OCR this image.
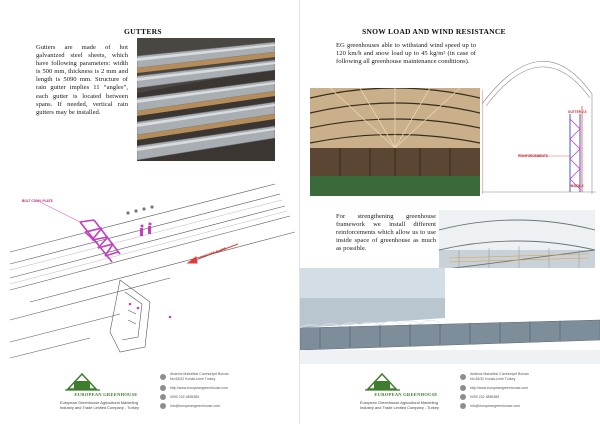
GUTTERS
Gutters are made of hot galvanized steel sheets, which have following parameters: width is 500 mm, thickness is 2 mm and length is 5090 mm. Structure of rain gutter implies 11 “angles”, each gutter is located between spans. If needed, vertical rain gutters may be installed.
BOLT CONN. PLATE
3 DEGREE SLOPE
EUROPEAN GREENHOUSE
European Greenhouse Agricultural Marketing
Industry and Trade Limited Company - Turkey
Akdeniz Mahallesi Cumhuriyet Bulvarı
No:63/32 Konak-Izmir Turkey
http://www.europeangreenhouse.com
0090 232 4855385
info@europeangreenhouse.com
SNOW LOAD AND WIND RESISTANCE
EG greenhouses able to withstand wind speed up to 120 km/h and snow load up to 45 kg/m² (in case of following all greenhouse maintenance conditions).
GUTTER 2.5
REINFORCEMENTS
INSIDE-3
For strengthening greenhouse framework we install different reinforcements which allow us to use inside space of greenhouse as much as possible.
EUROPEAN GREENHOUSE
European Greenhouse Agricultural Marketing
Industry and Trade Limited Company - Turkey
Akdeniz Mahallesi Cumhuriyet Bulvarı
No:63/32 Konak-Izmir Turkey
http://www.europeangreenhouse.com
0090 232 4855385
info@europeangreenhouse.com
